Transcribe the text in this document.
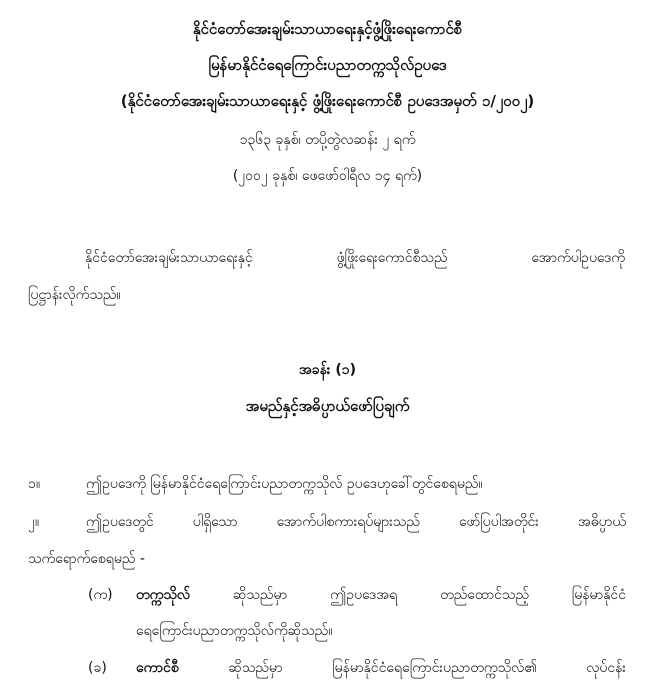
နိုင်ငံတော်အေးချမ်းသာယာရေးနှင့်ဖွံ့ဖြိုးရေးကောင်စီ
မြန်မာနိုင်ငံရေကြောင်းပညာတက္ကသိုလ်ဥပဒေ
(နိုင်ငံတော်အေးချမ်းသာယာရေးနှင့် ဖွံ့ဖြိုးရေးကောင်စီ ဥပဒေအမှတ် ၁/၂၀၀၂)
၁၃၆၃ ခုနှစ်၊ တပို့တွဲလဆန်း ၂ ရက်
(၂၀၀၂ ခုနှစ်၊ ဖေဖော်ဝါရီလ ၁၄ ရက်)
နိုင်ငံတော်အေးချမ်းသာယာရေးနှင့်	ဖွံ့ဖြိုးရေးကောင်စီသည်	အောက်ပါဥပဒေကို
ပြဋ္ဌာန်းလိုက်သည်။
အခန်း (၁)
အမည်နှင့်အဓိပ္ပာယ်ဖော်ပြချက်
၁။	ဤဥပဒေကို မြန်မာနိုင်ငံရေကြောင်းပညာတက္ကသိုလ် ဥပဒေဟုခေါ်တွင်စေရမည်။
၂။	ဤဥပဒေတွင်	ပါရှိသော	အောက်ပါစကားရပ်များသည်	ဖော်ပြပါအတိုင်း	အဓိပ္ပာယ်
သက်ရောက်စေရမည် -
(က) တက္ကသိုလ်	ဆိုသည်မှာ	ဤဥပဒေအရ	တည်ထောင်သည့်	မြန်မာနိုင်ငံ
ရေကြောင်းပညာတက္ကသိုလ်ကိုဆိုသည်။
(ခ) ကောင်စီ	ဆိုသည်မှာ	မြန်မာနိုင်ငံရေကြောင်းပညာတက္ကသိုလ်၏	လုပ်ငန်း
